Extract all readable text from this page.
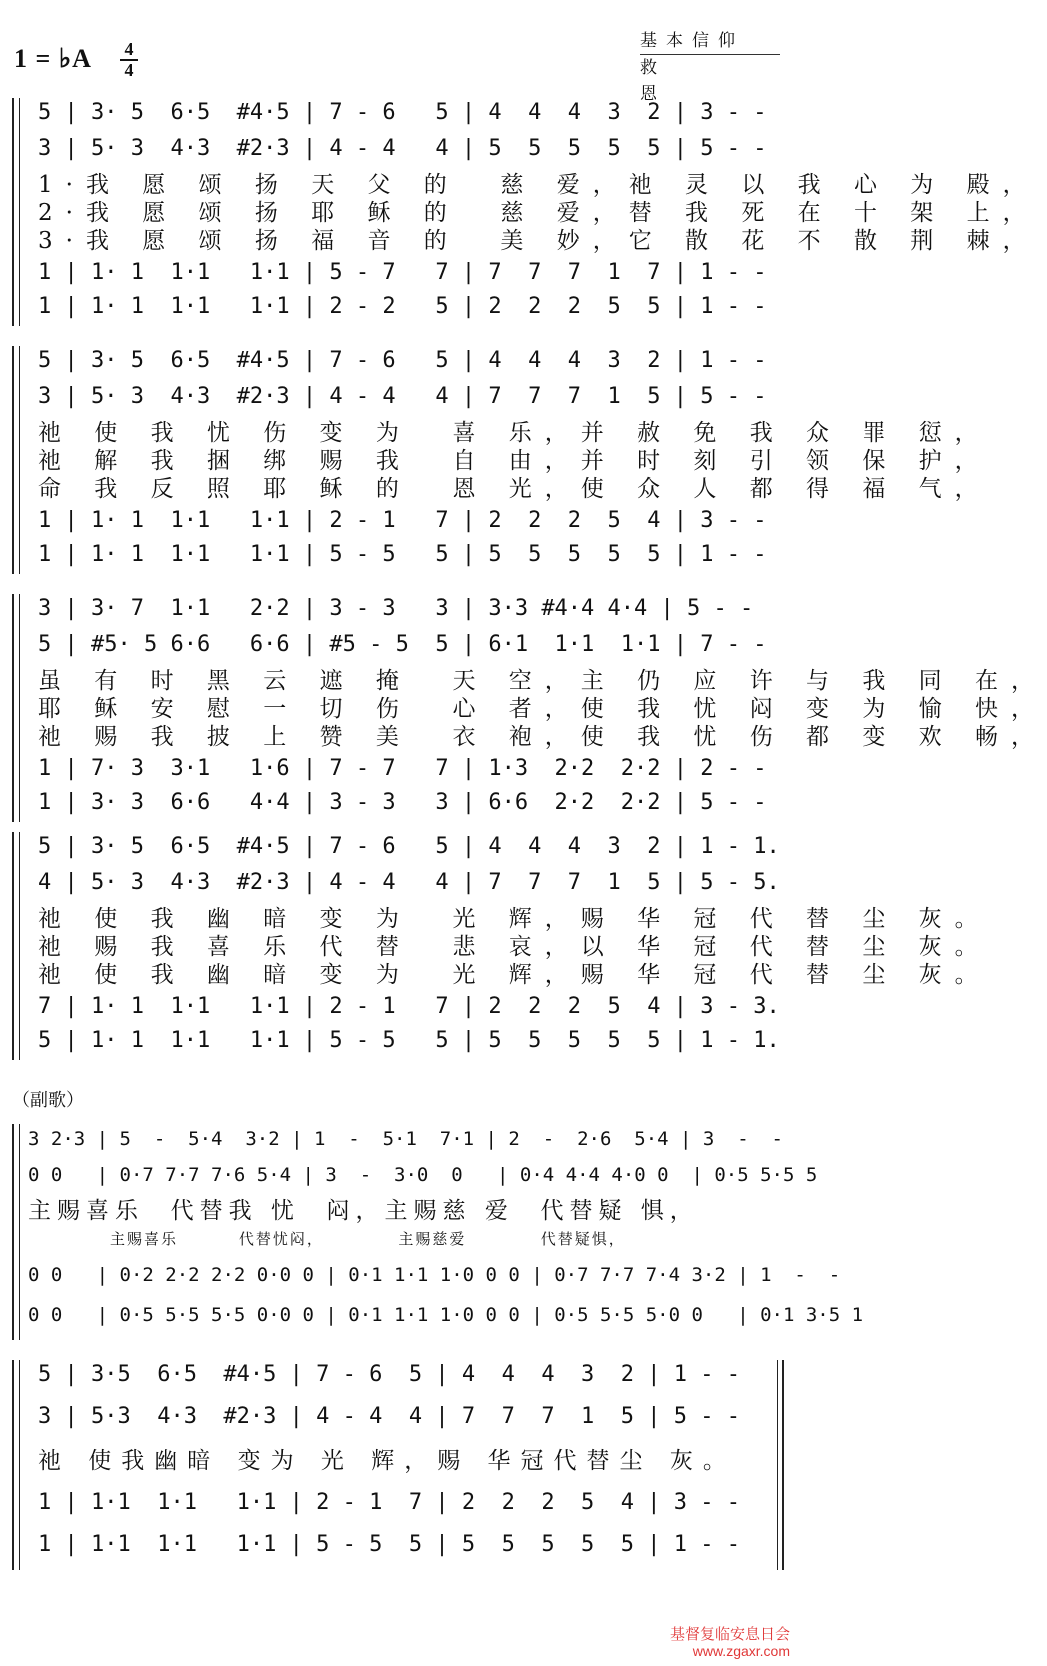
1 = ♭A	4
4
基本信仰
救 恩
5 | 3· 5  6·5  #4·5 | 7 - 6   5 | 4  4  4  3  2 | 3 - -
3 | 5· 3  4·3  #2·3 | 4 - 4   4 | 5  5  5  5  5 | 5 - -
1·我 愿 颂 扬 天 父 的  慈 爱，祂 灵 以 我 心 为 殿，
2·我 愿 颂 扬 耶 稣 的  慈 爱，替 我 死 在 十 架 上，
3·我 愿 颂 扬 福 音 的  美 妙，它 散 花 不 散 荆 棘，
1 | 1· 1  1·1   1·1 | 5 - 7   7 | 7  7  7  1  7 | 1 - -
1 | 1· 1  1·1   1·1 | 2 - 2   5 | 2  2  2  5  5 | 1 - -
5 | 3· 5  6·5  #4·5 | 7 - 6   5 | 4  4  4  3  2 | 1 - -
3 | 5· 3  4·3  #2·3 | 4 - 4   4 | 7  7  7  1  5 | 5 - -
祂 使 我 忧 伤 变 为  喜 乐，并 赦 免 我 众 罪 愆，
祂 解 我 捆 绑 赐 我  自 由，并 时 刻 引 领 保 护，
命 我 反 照 耶 稣 的  恩 光，使 众 人 都 得 福 气，
1 | 1· 1  1·1   1·1 | 2 - 1   7 | 2  2  2  5  4 | 3 - -
1 | 1· 1  1·1   1·1 | 5 - 5   5 | 5  5  5  5  5 | 1 - -
3 | 3· 7  1·1   2·2 | 3 - 3   3 | 3·3 #4·4 4·4 | 5 - -
5 | #5· 5 6·6   6·6 | #5 - 5  5 | 6·1  1·1  1·1 | 7 - -
虽 有 时 黑 云 遮 掩  天 空，主 仍 应 许 与 我 同 在，
耶 稣 安 慰 一 切 伤  心 者，使 我 忧 闷 变 为 愉 快，
祂 赐 我 披 上 赞 美  衣 袍，使 我 忧 伤 都 变 欢 畅，
1 | 7· 3  3·1   1·6 | 7 - 7   7 | 1·3  2·2  2·2 | 2 - -
1 | 3· 3  6·6   4·4 | 3 - 3   3 | 6·6  2·2  2·2 | 5 - -
5 | 3· 5  6·5  #4·5 | 7 - 6   5 | 4  4  4  3  2 | 1 - 1.
4 | 5· 3  4·3  #2·3 | 4 - 4   4 | 7  7  7  1  5 | 5 - 5.
祂 使 我 幽 暗 变 为  光 辉，赐 华 冠 代 替 尘 灰。
祂 赐 我 喜 乐 代 替  悲 哀，以 华 冠 代 替 尘 灰。
祂 使 我 幽 暗 变 为  光 辉，赐 华 冠 代 替 尘 灰。
7 | 1· 1  1·1   1·1 | 2 - 1   7 | 2  2  2  5  4 | 3 - 3.
5 | 1· 1  1·1   1·1 | 5 - 5   5 | 5  5  5  5  5 | 1 - 1.
（副歌）
3 2·3 | 5  -  5·4  3·2 | 1  -  5·1  7·1 | 2  -  2·6  5·4 | 3  -  -
0 0   | 0·7 7·7 7·6 5·4 | 3  -  3·0  0   | 0·4 4·4 4·0 0  | 0·5 5·5 5
主赐喜乐  代替我 忧  闷，主赐慈 爱  代替疑 惧，
主赐喜乐         代替忧闷，           主赐慈爱           代替疑惧，
0 0   | 0·2 2·2 2·2 0·0 0 | 0·1 1·1 1·0 0 0 | 0·7 7·7 7·4 3·2 | 1  -  -
0 0   | 0·5 5·5 5·5 0·0 0 | 0·1 1·1 1·0 0 0 | 0·5 5·5 5·0 0   | 0·1 3·5 1
5 | 3·5  6·5  #4·5 | 7 - 6  5 | 4  4  4  3  2 | 1 - -
3 | 5·3  4·3  #2·3 | 4 - 4  4 | 7  7  7  1  5 | 5 - -
祂 使我幽暗 变为 光 辉，赐 华冠代替尘 灰。
1 | 1·1  1·1   1·1 | 2 - 1  7 | 2  2  2  5  4 | 3 - -
1 | 1·1  1·1   1·1 | 5 - 5  5 | 5  5  5  5  5 | 1 - -
基督复临安息日会
www.zgaxr.com
